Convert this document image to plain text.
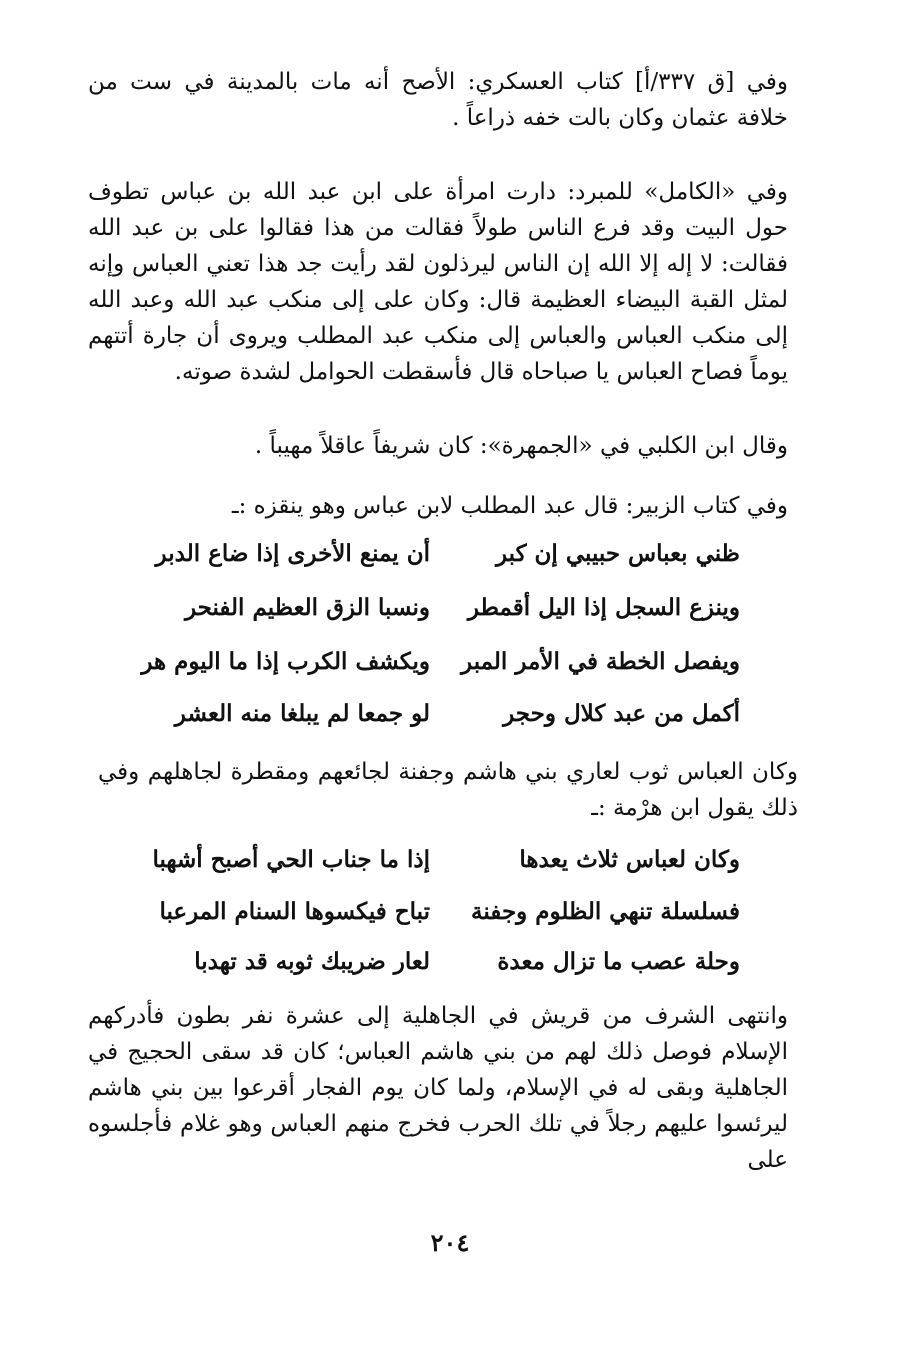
وفي [ق ٣٣٧/أ] كتاب العسكري: الأصح أنه مات بالمدينة في ست من خلافة عثمان وكان بالت خفه ذراعاً .

وفي «الكامل» للمبرد: دارت امرأة على ابن عبد الله بن عباس تطوف حول البيت وقد فرع الناس طولاً فقالت من هذا فقالوا على بن عبد الله فقالت: لا إله إلا الله إن الناس ليرذلون لقد رأيت جد هذا تعني العباس وإنه لمثل القبة البيضاء العظيمة قال: وكان على إلى منكب عبد الله وعبد الله إلى منكب العباس والعباس إلى منكب عبد المطلب ويروى أن جارة أتتهم يوماً فصاح العباس يا صباحاه قال فأسقطت الحوامل لشدة صوته.

وقال ابن الكلبي في «الجمهرة»: كان شريفاً عاقلاً مهيباً .

وفي كتاب الزبير: قال عبد المطلب لابن عباس وهو ينقزه :ـ

ظني بعباس حبيبي إن كبر
أن يمنع الأخرى إذا ضاع الدبر
وينزع السجل إذا اليل أقمطر
ونسبا الزق العظيم الفنحر
ويفصل الخطة في الأمر المبر
ويكشف الكرب إذا ما اليوم هر
أكمل من عبد كلال وحجر
لو جمعا لم يبلغا منه العشر

وكان العباس ثوب لعاري بني هاشم وجفنة لجائعهم ومقطرة لجاهلهم وفي ذلك يقول ابن هرْمة :ـ

وكان لعباس ثلاث يعدها
إذا ما جناب الحي أصبح أشهبا
فسلسلة تنهي الظلوم وجفنة
تباح فيكسوها السنام المرعبا
وحلة عصب ما تزال معدة
لعار ضريبك ثوبه قد تهدبا

وانتهى الشرف من قريش في الجاهلية إلى عشرة نفر بطون فأدركهم الإسلام فوصل ذلك لهم من بني هاشم العباس؛ كان قد سقى الحجيج في الجاهلية وبقى له في الإسلام، ولما كان يوم الفجار أقرعوا بين بني هاشم ليرئسوا عليهم رجلاً في تلك الحرب فخرج منهم العباس وهو غلام فأجلسوه على

٢٠٤
